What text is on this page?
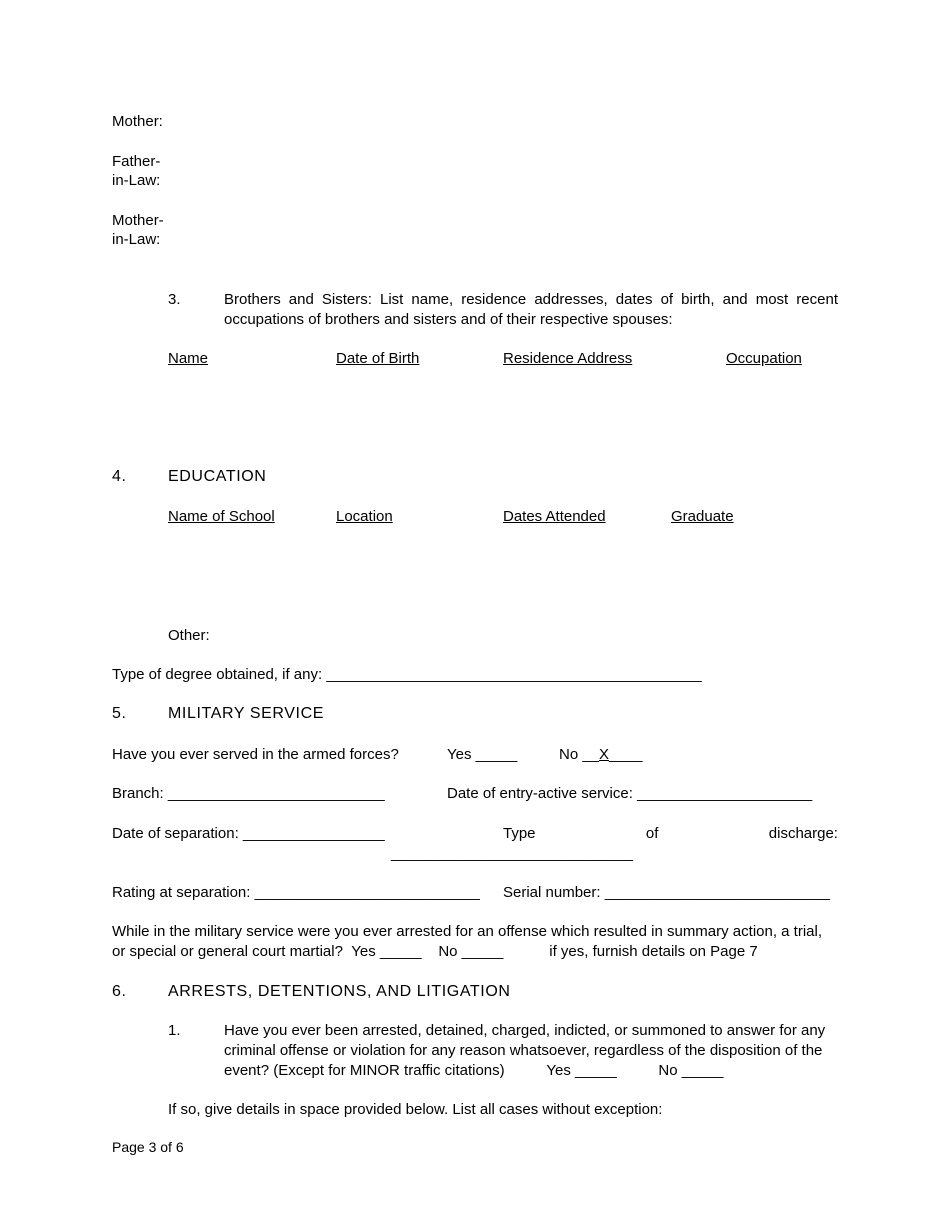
Mother:
Father-
in-Law:
Mother-
in-Law:
3.	Brothers and Sisters: List name, residence addresses, dates of birth, and most recent occupations of brothers and sisters and of their respective spouses:
Name	Date of Birth	Residence Address	Occupation
4.	EDUCATION
Name of School	Location	Dates Attended	Graduate
Other:
Type of degree obtained, if any: _____________________________________________
5.	MILITARY SERVICE
Have you ever served in the armed forces?	Yes _____	No __X____
Branch: __________________________	Date of entry-active service: _____________________
Date of separation: _________________	Type	of	discharge:
_____________________________
Rating at separation: ___________________________ Serial number: ___________________________
While in the military service were you ever arrested for an offense which resulted in summary action, a trial, or special or general court martial? Yes _____ No _____	if yes, furnish details on Page 7
6.	ARRESTS, DETENTIONS, AND LITIGATION
1.	Have you ever been arrested, detained, charged, indicted, or summoned to answer for any criminal offense or violation for any reason whatsoever, regardless of the disposition of the event? (Except for MINOR traffic citations)	Yes _____	No _____
If so, give details in space provided below. List all cases without exception:
Page 3 of 6
